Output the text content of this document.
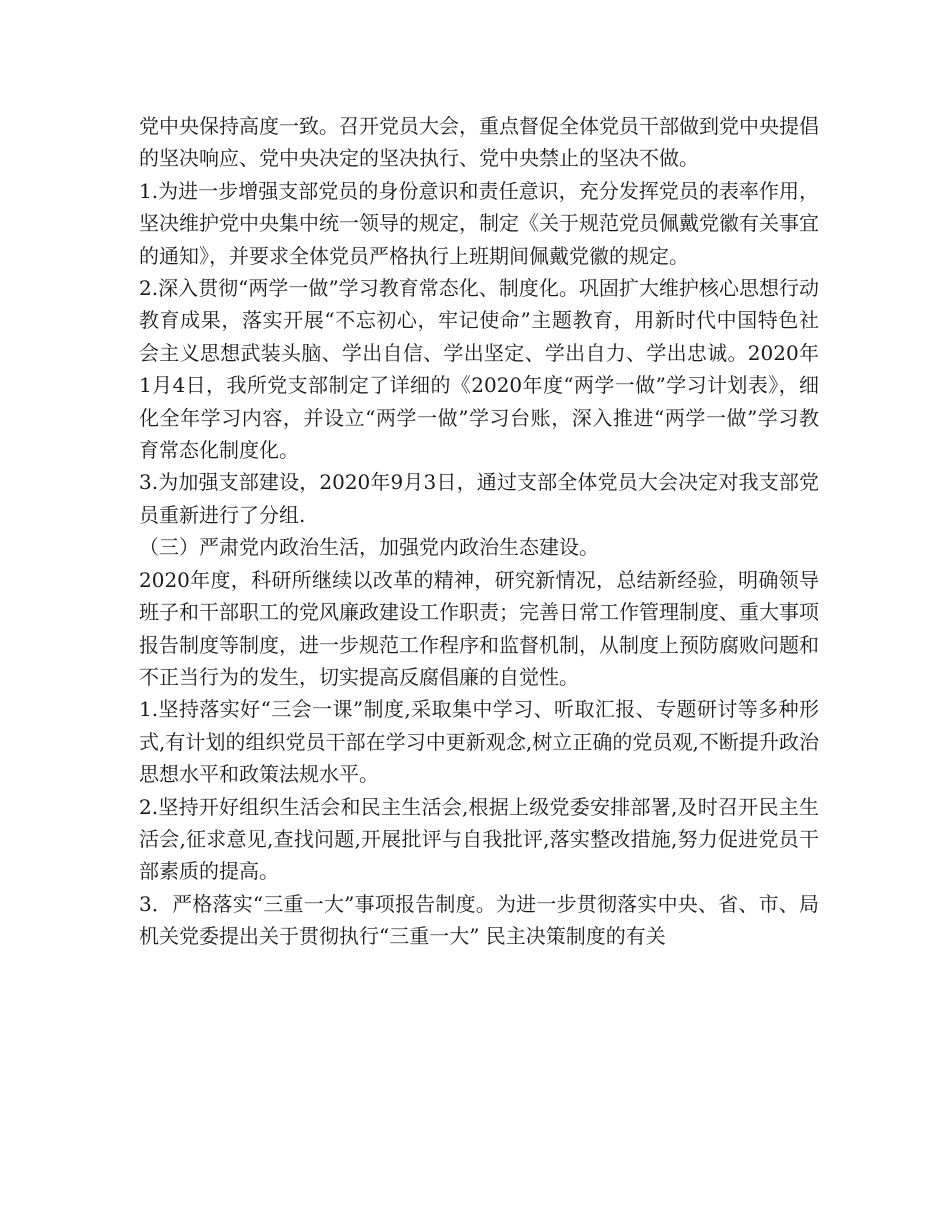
党中央保持高度一致。召开党员大会，重点督促全体党员干部做到党中央提倡的坚决响应、党中央决定的坚决执行、党中央禁止的坚决不做。

1.为进一步增强支部党员的身份意识和责任意识，充分发挥党员的表率作用，坚决维护党中央集中统一领导的规定，制定《关于规范党员佩戴党徽有关事宜的通知》，并要求全体党员严格执行上班期间佩戴党徽的规定。

2.深入贯彻“两学一做”学习教育常态化、制度化。巩固扩大维护核心思想行动教育成果，落实开展“不忘初心，牢记使命”主题教育，用新时代中国特色社会主义思想武装头脑、学出自信、学出坚定、学出自力、学出忠诚。2020年1月4日，我所党支部制定了详细的《2020年度“两学一做”学习计划表》，细化全年学习内容，并设立“两学一做”学习台账，深入推进“两学一做”学习教育常态化制度化。

3.为加强支部建设，2020年9月3日，通过支部全体党员大会决定对我支部党员重新进行了分组.

（三）严肃党内政治生活，加强党内政治生态建设。

2020年度，科研所继续以改革的精神，研究新情况，总结新经验，明确领导班子和干部职工的党风廉政建设工作职责；完善日常工作管理制度、重大事项报告制度等制度，进一步规范工作程序和监督机制，从制度上预防腐败问题和不正当行为的发生，切实提高反腐倡廉的自觉性。

1.坚持落实好“三会一课”制度,采取集中学习、听取汇报、专题研讨等多种形式,有计划的组织党员干部在学习中更新观念,树立正确的党员观,不断提升政治思想水平和政策法规水平。

2.坚持开好组织生活会和民主生活会,根据上级党委安排部署,及时召开民主生活会,征求意见,查找问题,开展批评与自我批评,落实整改措施,努力促进党员干部素质的提高。

3．严格落实“三重一大”事项报告制度。为进一步贯彻落实中央、省、市、局机关党委提出关于贯彻执行“三重一大” 民主决策制度的有关
